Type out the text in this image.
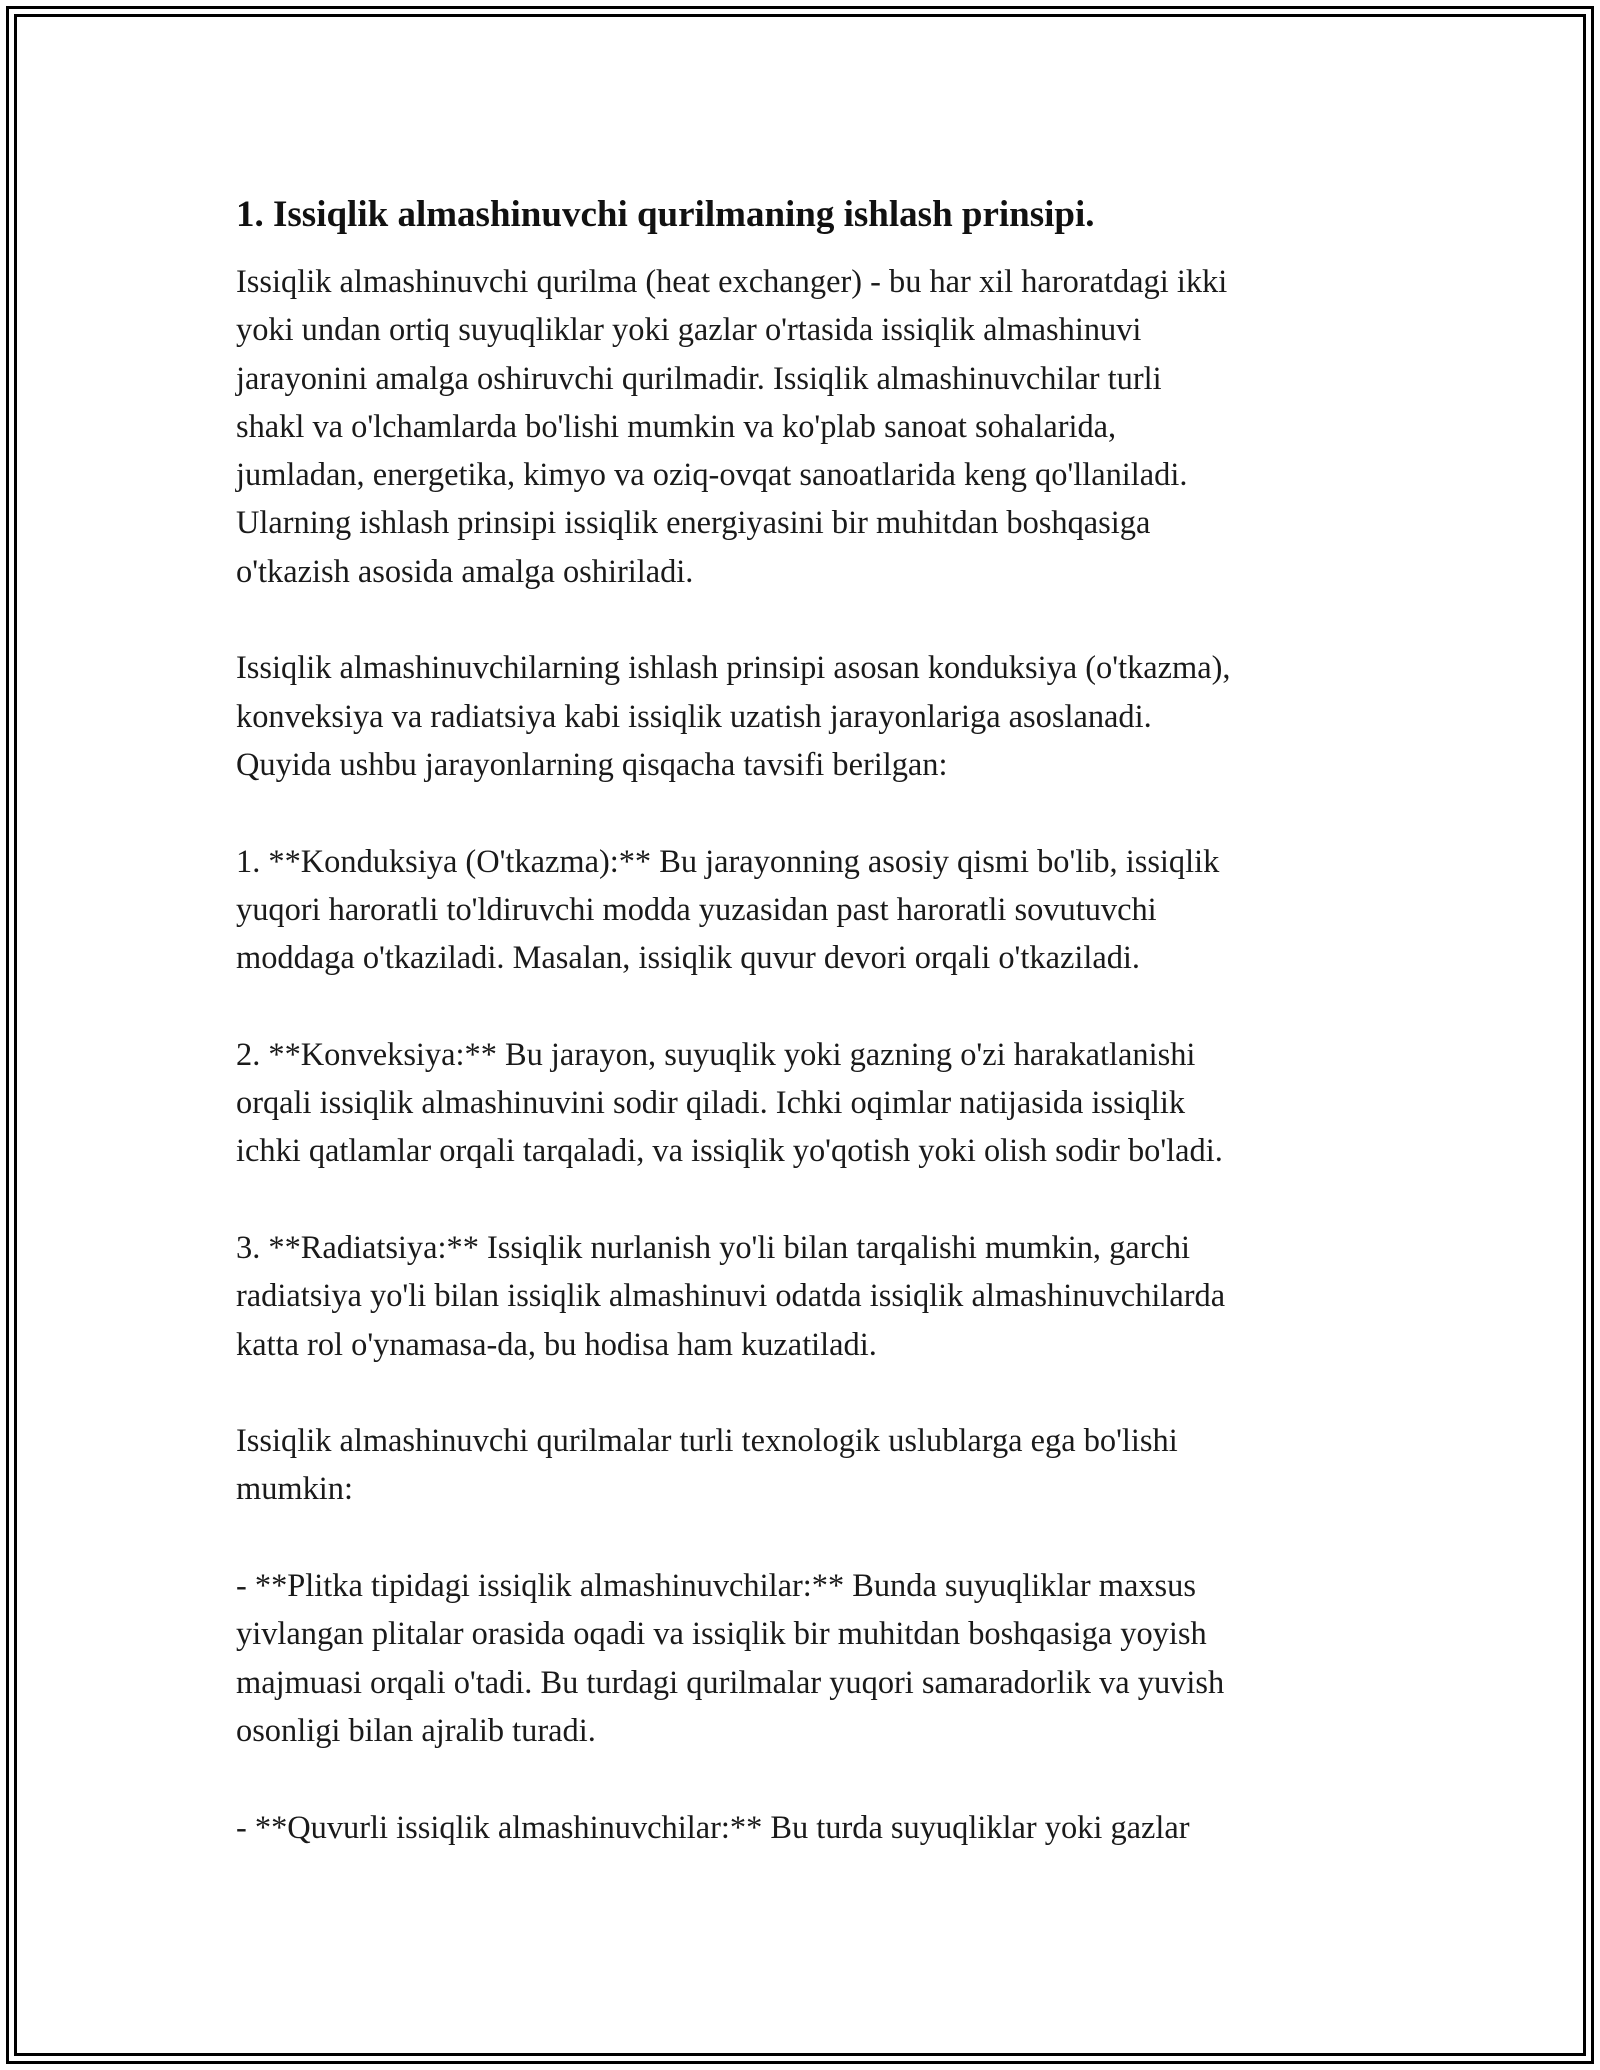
1. Issiqlik almashinuvchi qurilmaning ishlash prinsipi.

Issiqlik almashinuvchi qurilma (heat exchanger) - bu har xil haroratdagi ikki
yoki undan ortiq suyuqliklar yoki gazlar o'rtasida issiqlik almashinuvi
jarayonini amalga oshiruvchi qurilmadir. Issiqlik almashinuvchilar turli
shakl va o'lchamlarda bo'lishi mumkin va ko'plab sanoat sohalarida,
jumladan, energetika, kimyo va oziq-ovqat sanoatlarida keng qo'llaniladi.
Ularning ishlash prinsipi issiqlik energiyasini bir muhitdan boshqasiga
o'tkazish asosida amalga oshiriladi.

Issiqlik almashinuvchilarning ishlash prinsipi asosan konduksiya (o'tkazma),
konveksiya va radiatsiya kabi issiqlik uzatish jarayonlariga asoslanadi.
Quyida ushbu jarayonlarning qisqacha tavsifi berilgan:

1. **Konduksiya (O'tkazma):** Bu jarayonning asosiy qismi bo'lib, issiqlik
yuqori haroratli to'ldiruvchi modda yuzasidan past haroratli sovutuvchi
moddaga o'tkaziladi. Masalan, issiqlik quvur devori orqali o'tkaziladi.

2. **Konveksiya:** Bu jarayon, suyuqlik yoki gazning o'zi harakatlanishi
orqali issiqlik almashinuvini sodir qiladi. Ichki oqimlar natijasida issiqlik
ichki qatlamlar orqali tarqaladi, va issiqlik yo'qotish yoki olish sodir bo'ladi.

3. **Radiatsiya:** Issiqlik nurlanish yo'li bilan tarqalishi mumkin, garchi
radiatsiya yo'li bilan issiqlik almashinuvi odatda issiqlik almashinuvchilarda
katta rol o'ynamasa-da, bu hodisa ham kuzatiladi.

Issiqlik almashinuvchi qurilmalar turli texnologik uslublarga ega bo'lishi
mumkin:

- **Plitka tipidagi issiqlik almashinuvchilar:** Bunda suyuqliklar maxsus
yivlangan plitalar orasida oqadi va issiqlik bir muhitdan boshqasiga yoyish
majmuasi orqali o'tadi. Bu turdagi qurilmalar yuqori samaradorlik va yuvish
osonligi bilan ajralib turadi.

- **Quvurli issiqlik almashinuvchilar:** Bu turda suyuqliklar yoki gazlar
